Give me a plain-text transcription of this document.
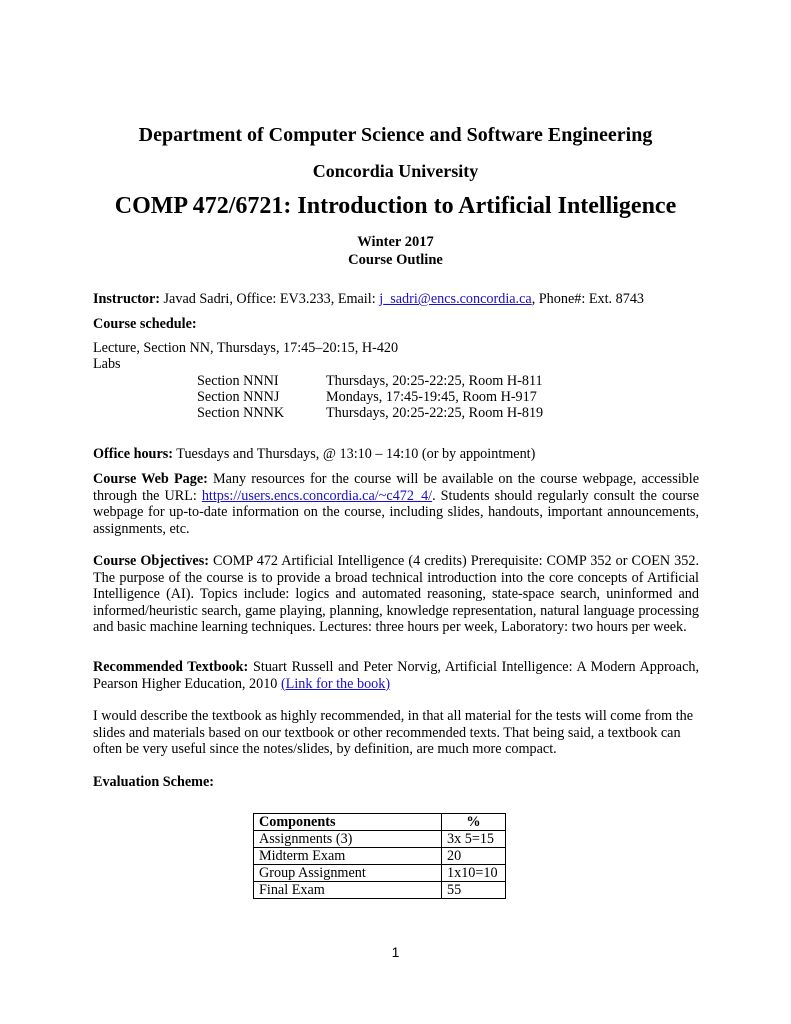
Department of Computer Science and Software Engineering
Concordia University
COMP 472/6721: Introduction to Artificial Intelligence
Winter 2017
Course Outline
Instructor: Javad Sadri, Office: EV3.233, Email: j_sadri@encs.concordia.ca, Phone#: Ext. 8743
Course schedule:
Lecture, Section NN, Thursdays, 17:45–20:15, H-420
Labs
Section NNNI	Thursdays, 20:25-22:25, Room H-811
Section NNNJ	Mondays, 17:45-19:45, Room H-917
Section NNNK	Thursdays, 20:25-22:25, Room H-819
Office hours: Tuesdays and Thursdays, @ 13:10 – 14:10 (or by appointment)
Course Web Page: Many resources for the course will be available on the course webpage, accessible through the URL: https://users.encs.concordia.ca/~c472_4/. Students should regularly consult the course webpage for up-to-date information on the course, including slides, handouts, important announcements, assignments, etc.
Course Objectives: COMP 472 Artificial Intelligence (4 credits) Prerequisite: COMP 352 or COEN 352. The purpose of the course is to provide a broad technical introduction into the core concepts of Artificial Intelligence (AI). Topics include: logics and automated reasoning, state-space search, uninformed and informed/heuristic search, game playing, planning, knowledge representation, natural language processing and basic machine learning techniques. Lectures: three hours per week, Laboratory: two hours per week.
Recommended Textbook: Stuart Russell and Peter Norvig, Artificial Intelligence: A Modern Approach, Pearson Higher Education, 2010 (Link for the book)
I would describe the textbook as highly recommended, in that all material for the tests will come from the slides and materials based on our textbook or other recommended texts. That being said, a textbook can often be very useful since the notes/slides, by definition, are much more compact.
Evaluation Scheme:
Components	%
Assignments (3)	3x 5=15
Midterm Exam	20
Group Assignment	1x10=10
Final Exam	55
1
